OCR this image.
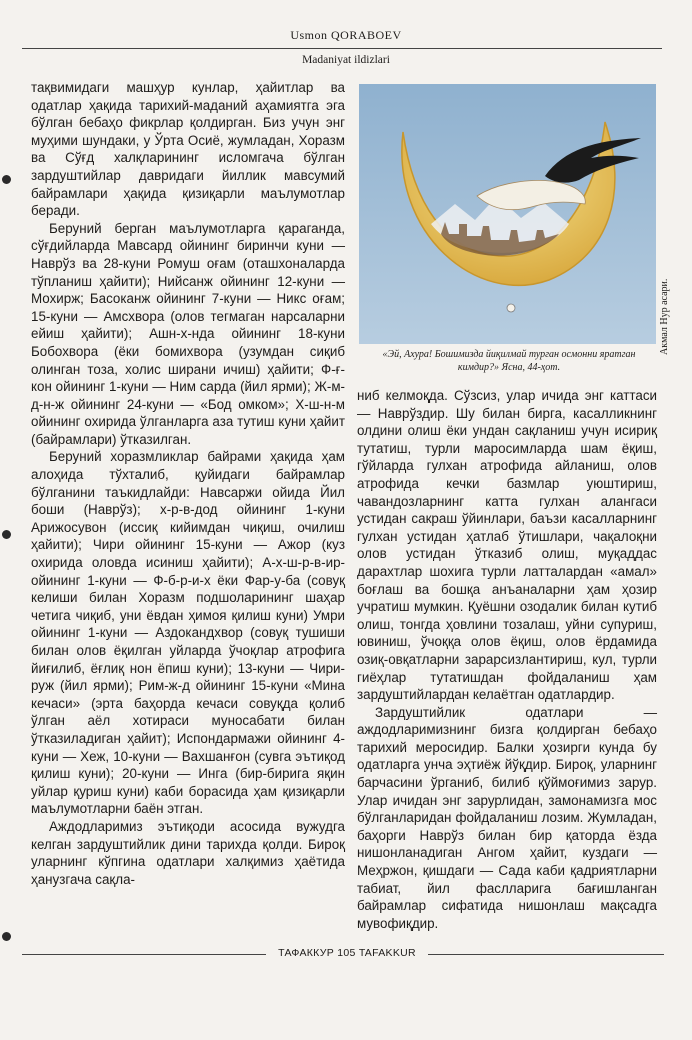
Usmon QORABOEV
Madaniyat ildizlari

тақвимидаги машҳур кунлар, ҳайитлар ва одатлар ҳақида тарихий-маданий аҳамиятга эга бўлган бебаҳо фикрлар қолдирган. Биз учун энг муҳими шундаки, у Ўрта Осиё, жумладан, Хоразм ва Сўғд халқларининг исломгача бўлган зардуштийлар давридаги йиллик мавсумий байрамлари ҳақида қизиқарли маълумотлар беради.

Беруний берган маълумотларга қараганда, сўғдийларда Мавсард ойининг биринчи куни — Наврўз ва 28-куни Ромуш оғам (оташхоналарда тўпланиш ҳайити); Нийсанж ойининг 12-куни — Мохирж; Басоканж ойининг 7-куни — Никс оғам; 15-куни — Амсхвора (олов тегмаган нарсаларни ейиш ҳайити); Ашн-х-нда ойининг 18-куни Бобохвора (ёки бомихвора (узумдан сиқиб олинган тоза, холис ширани ичиш) ҳайити; Ф-ғ-кон ойининг 1-куни — Ним сарда (йил ярми); Ж-м-д-н-ж ойининг 24-куни — «Бод омком»; Х-ш-н-м ойининг охирида ўлганларга аза тутиш куни ҳайит (байрамлари) ўтказилган.

Беруний хоразмликлар байрами ҳақида ҳам алоҳида тўхталиб, қуйидаги байрамлар бўлганини таъкидлайди: Навсаржи ойида Йил боши (Наврўз); х-р-в-дод ойининг 1-куни Арижосувон (иссиқ кийимдан чиқиш, очилиш ҳайити); Чири ойининг 15-куни — Ажор (куз охирида оловда исиниш ҳайити); А-х-ш-р-в-ир- ойининг 1-куни — Ф-б-р-и-х ёки Фар-у-ба (совуқ келиши билан Хоразм подшоларининг шаҳар четига чиқиб, уни ёвдан ҳимоя қилиш куни) Умри ойининг 1-куни — Аздокандхвор (совуқ тушиши билан олов ёқилган уйларда ўчоқлар атрофига йиғилиб, ёғлиқ нон ёпиш куни); 13-куни — Чири-руж (йил ярми); Рим-ж-д ойининг 15-куни «Мина кечаси» (эрта баҳорда кечаси совуқда қолиб ўлган аёл хотираси муносабати билан ўтказиладиган ҳайит); Испондармажи ойининг 4-куни — Хеж, 10-куни — Вахшанғон (сувга эътиқод қилиш куни); 20-куни — Инга (бир-бирига яқин уйлар қуриш куни) каби борасида ҳам қизиқарли маълумотларни баён этган.

Аждодларимиз эътиқоди асосида вужудга келган зардуштийлик дини тарихда қолди. Бироқ уларнинг кўпгина одатлари халқимиз ҳаётида ҳанузгача сақла-

«Эй, Ахура! Бошимизда йиқилмай турган осмонни яратган кимдир?» Ясна, 44-ҳот.
Акмал Нур асари.

ниб келмоқда. Сўзсиз, улар ичида энг каттаси — Наврўздир. Шу билан бирга, касалликнинг олдини олиш ёки ундан сақланиш учун исириқ тутатиш, турли маросимларда шам ёқиш, гўйларда гулхан атрофида айланиш, олов атрофида кечки базмлар уюштириш, чавандозларнинг катта гулхан алангаси устидан сакраш ўйинлари, баъзи касалларнинг гулхан устидан ҳатлаб ўтишлари, чақалоқни олов устидан ўтказиб олиш, муқаддас дарахтлар шохига турли латталардан «амал» боғлаш ва бошқа анъаналарни ҳам ҳозир учратиш мумкин. Қуёшни озодалик билан кутиб олиш, тонгда ҳовлини тозалаш, уйни супуриш, ювиниш, ўчоққа олов ёқиш, олов ёрдамида озиқ-овқатларни зарарсизлантириш, кул, турли гиёҳлар тутатишдан фойдаланиш ҳам зардуштийлардан келаётган одатлардир.

Зардуштийлик одатлари — аждодларимизнинг бизга қолдирган бебаҳо тарихий меросидир. Балки ҳозирги кунда бу одатларга унча эҳтиёж йўқдир. Бироқ, уларнинг барчасини ўрганиб, билиб қўймоғимиз зарур. Улар ичидан энг зарурлидан, замонамизга мос бўлганларидан фойдаланиш лозим. Жумладан, баҳорги Наврўз билан бир қаторда ёзда нишонланадиган Ангом ҳайит, куздаги — Меҳржон, қишдаги — Сада каби қадриятларни табиат, йил фаслларига бағишланган байрамлар сифатида нишонлаш мақсадга мувофиқдир.

ТАФАККУР 105 TAFAKKUR
